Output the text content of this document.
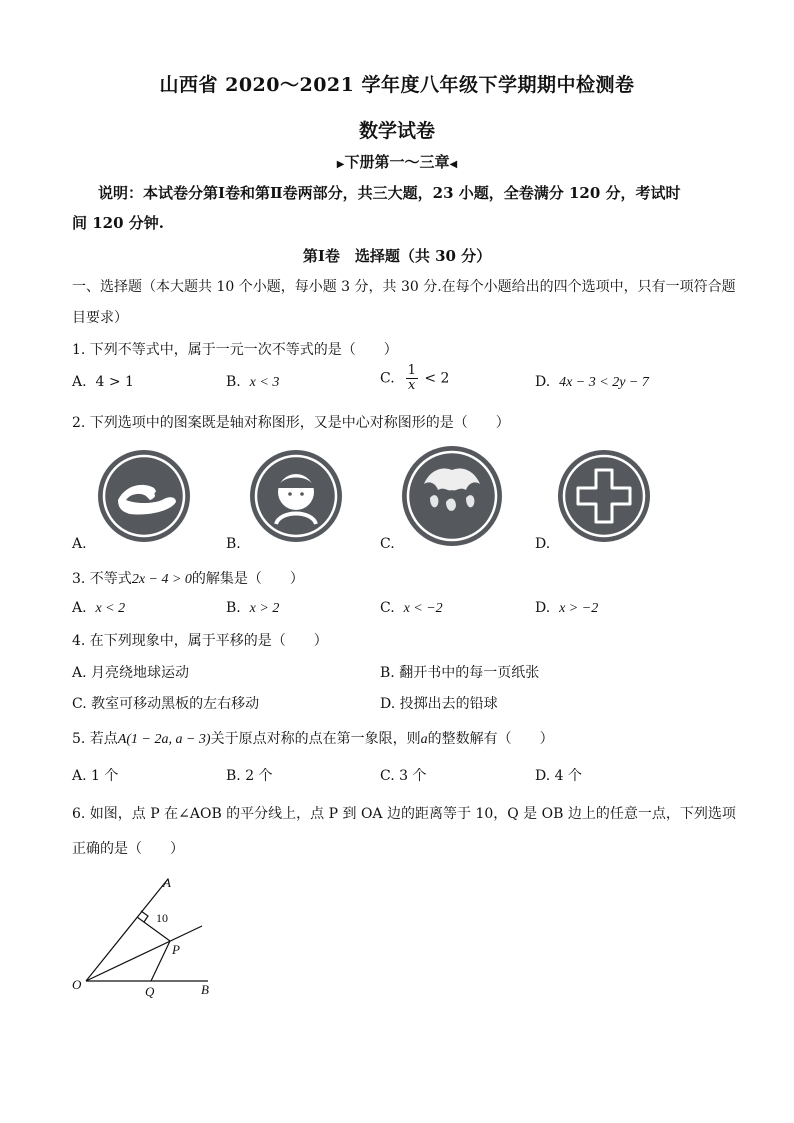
山西省 2020～2021 学年度八年级下学期期中检测卷
数学试卷
▶下册第一～三章◀
说明：本试卷分第Ⅰ卷和第Ⅱ卷两部分，共三大题，23 小题，全卷满分 120 分，考试时
间 120 分钟.
第Ⅰ卷　选择题（共 30 分）
一、选择题（本大题共 10 个小题，每小题 3 分，共 30 分.在每个小题给出的四个选项中，只有一项符合题
目要求）
1. 下列不等式中，属于一元一次不等式的是（　　）
A. 4 > 1	B. x < 3	C. $\frac{1}{x} < 2$	D. 4x − 3 < 2y − 7
2. 下列选项中的图案既是轴对称图形，又是中心对称图形的是（　　）
A.	B.	C.	D.
3. 不等式2x − 4 > 0的解集是（　　）
A. x < 2	B. x > 2	C. x < −2	D. x > −2
4. 在下列现象中，属于平移的是（　　）
A. 月亮绕地球运动	B. 翻开书中的每一页纸张
C. 教室可移动黑板的左右移动	D. 投掷出去的铅球
5. 若点A(1 − 2a, a − 3)关于原点对称的点在第一象限，则a的整数解有（　　）
A. 1 个	B. 2 个	C. 3 个	D. 4 个
6. 如图，点 P 在∠AOB 的平分线上，点 P 到 OA 边的距离等于 10，Q 是 OB 边上的任意一点，下列选项
正确的是（　　）
A
O
P
Q	B
10
